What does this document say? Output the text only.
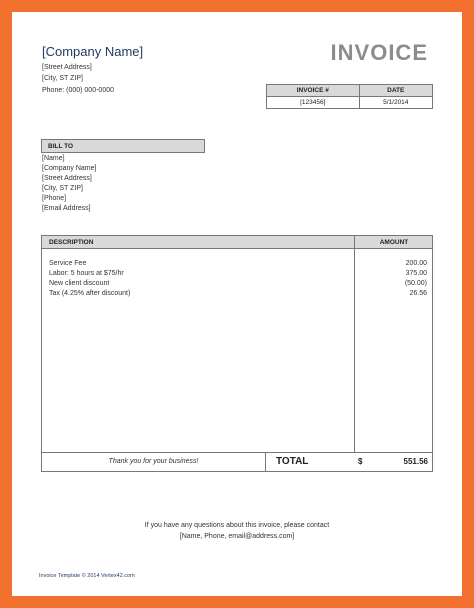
[Company Name]
[Street Address]
[City, ST ZIP]
Phone: (000) 000-0000
INVOICE
INVOICE #	DATE
[123456]	5/1/2014
BILL TO
[Name]
[Company Name]
[Street Address]
[City, ST ZIP]
[Phone]
[Email Address]
DESCRIPTION	AMOUNT
Service Fee	200.00
Labor: 5 hours at $75/hr	375.00
New client discount	(50.00)
Tax (4.25% after discount)	26.56
Thank you for your business!	TOTAL	$	551.56
If you have any questions about this invoice, please contact
[Name, Phone, email@address.com]
Invoice Template © 2014 Vertex42.com
